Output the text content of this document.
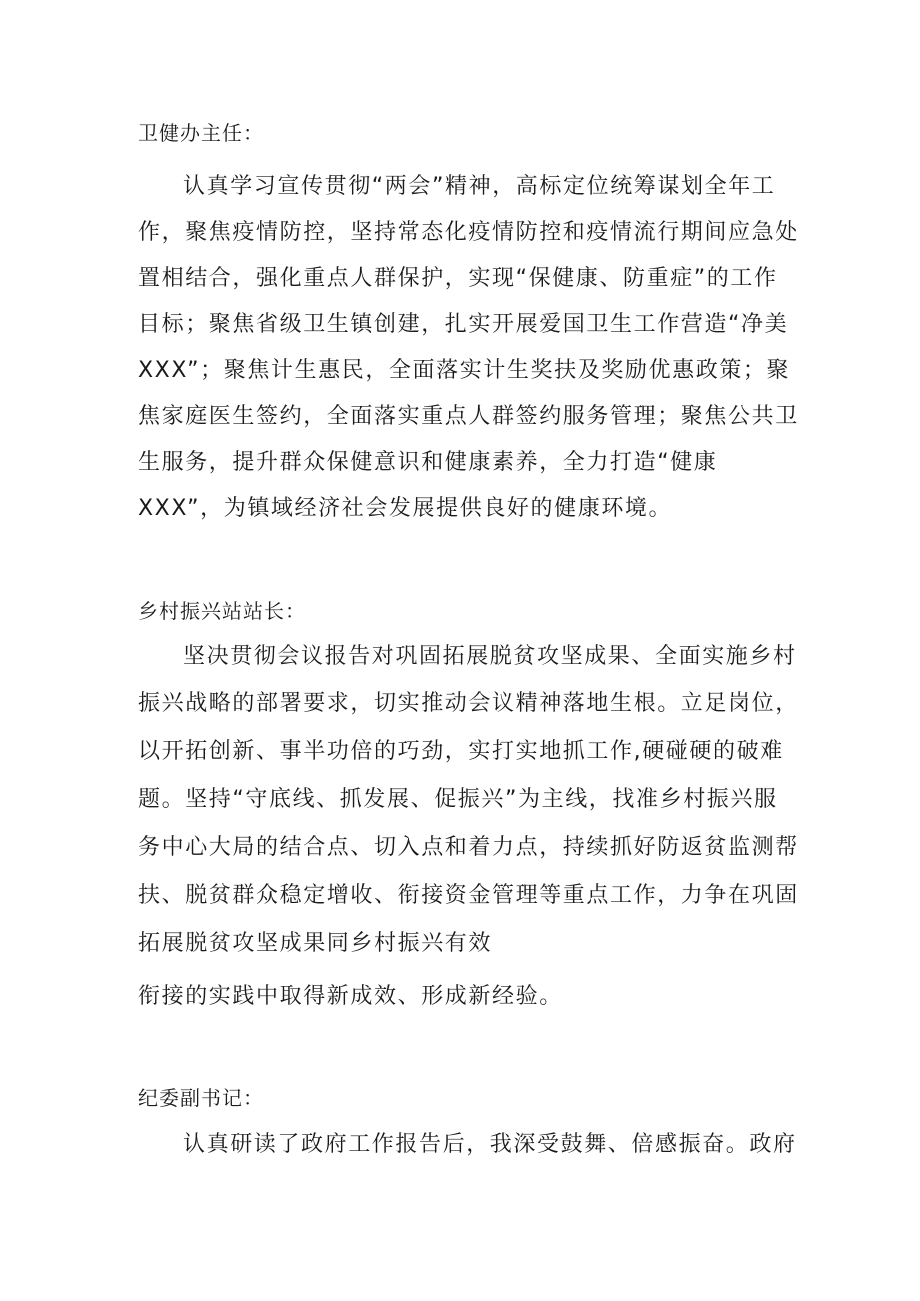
卫健办主任：
认真学习宣传贯彻“两会”精神，高标定位统筹谋划全年工
作，聚焦疫情防控，坚持常态化疫情防控和疫情流行期间应急处
置相结合，强化重点人群保护，实现“保健康、防重症”的工作
目标；聚焦省级卫生镇创建，扎实开展爱国卫生工作营造“净美
XXX”；聚焦计生惠民，全面落实计生奖扶及奖励优惠政策；聚
焦家庭医生签约，全面落实重点人群签约服务管理；聚焦公共卫
生服务，提升群众保健意识和健康素养，全力打造“健康
XXX”，为镇域经济社会发展提供良好的健康环境。
乡村振兴站站长：
坚决贯彻会议报告对巩固拓展脱贫攻坚成果、全面实施乡村
振兴战略的部署要求，切实推动会议精神落地生根。立足岗位，
以开拓创新、事半功倍的巧劲，实打实地抓工作,硬碰硬的破难
题。坚持“守底线、抓发展、促振兴”为主线，找准乡村振兴服
务中心大局的结合点、切入点和着力点，持续抓好防返贫监测帮
扶、脱贫群众稳定增收、衔接资金管理等重点工作，力争在巩固
拓展脱贫攻坚成果同乡村振兴有效
衔接的实践中取得新成效、形成新经验。
纪委副书记：
认真研读了政府工作报告后，我深受鼓舞、倍感振奋。政府
